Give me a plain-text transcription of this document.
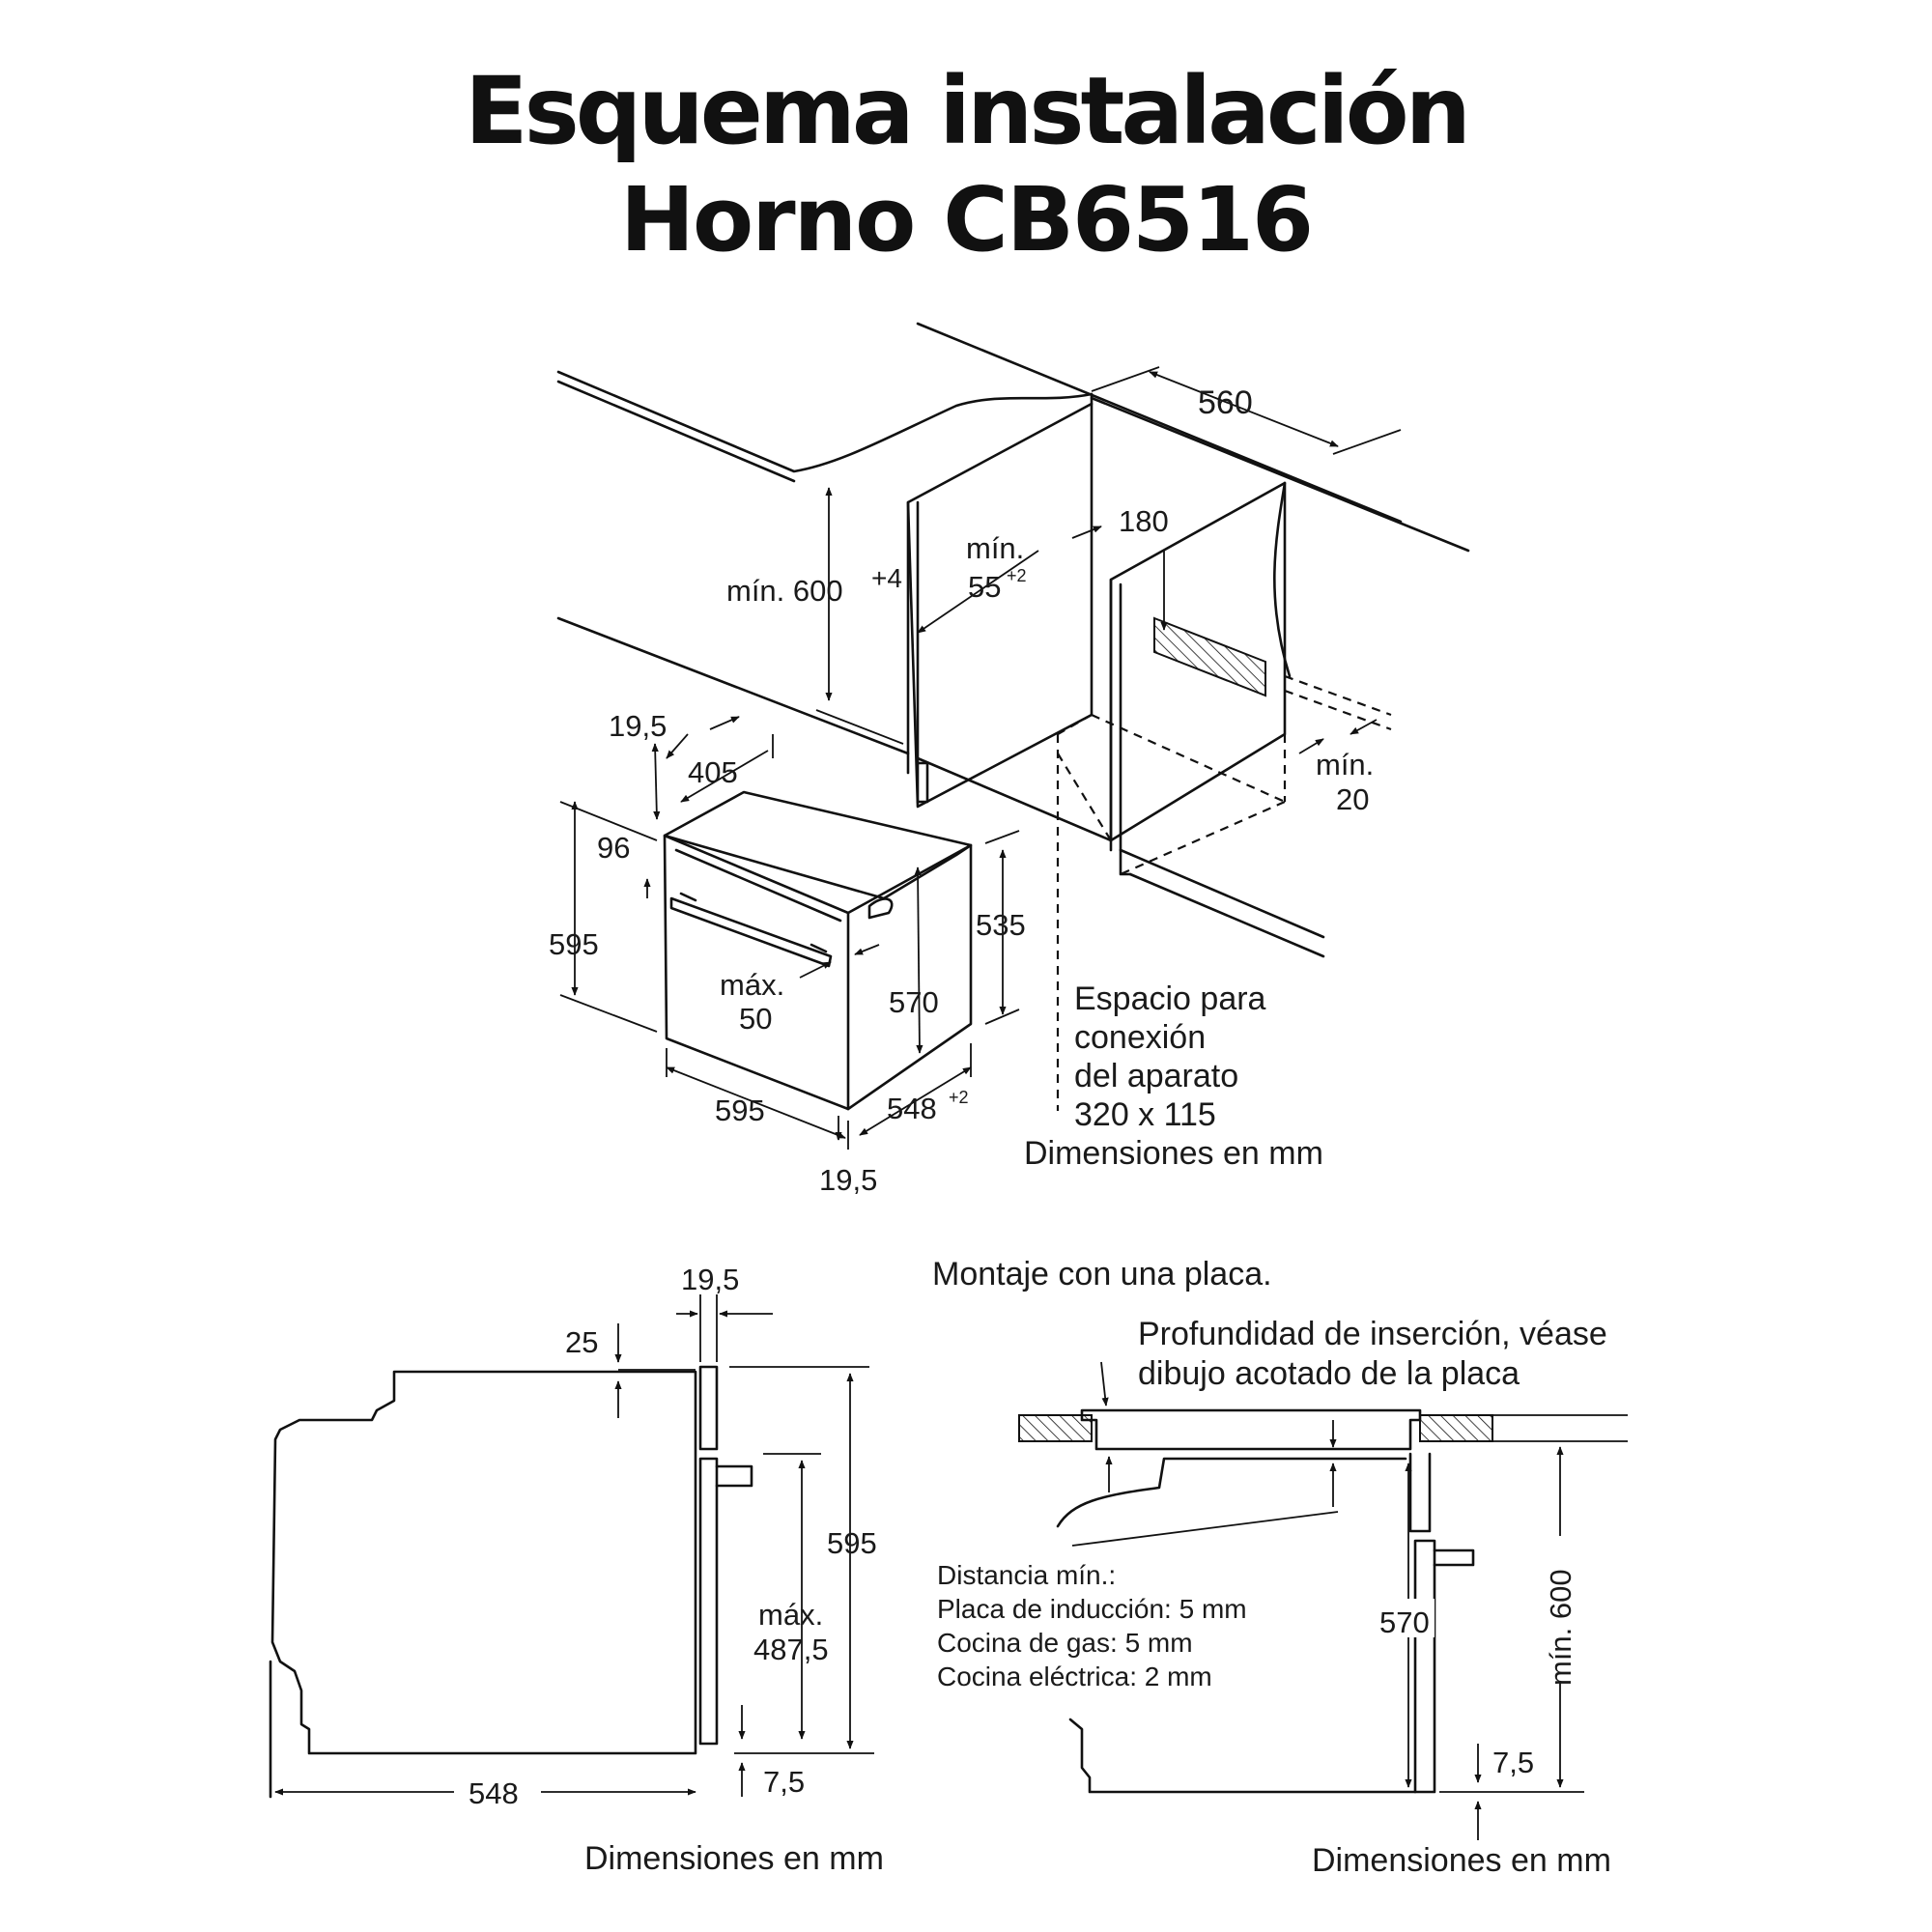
Esquema instalación
Horno CB6516
560
mín. 600 +4
mín.
55 +2
180
mín.
20
19,5
405
96
595
535
máx.
50	570
595	548 +2
19,5
Espacio para
conexión
del aparato
320 x 115
Dimensiones en mm
19,5
25
595
máx.
487,5
548	7,5
Dimensiones en mm
Montaje con una placa.
Profundidad de inserción, véase
dibujo acotado de la placa
570	mín. 600
7,5
Distancia mín.:
Placa de inducción: 5 mm
Cocina de gas: 5 mm
Cocina eléctrica: 2 mm
Dimensiones en mm
